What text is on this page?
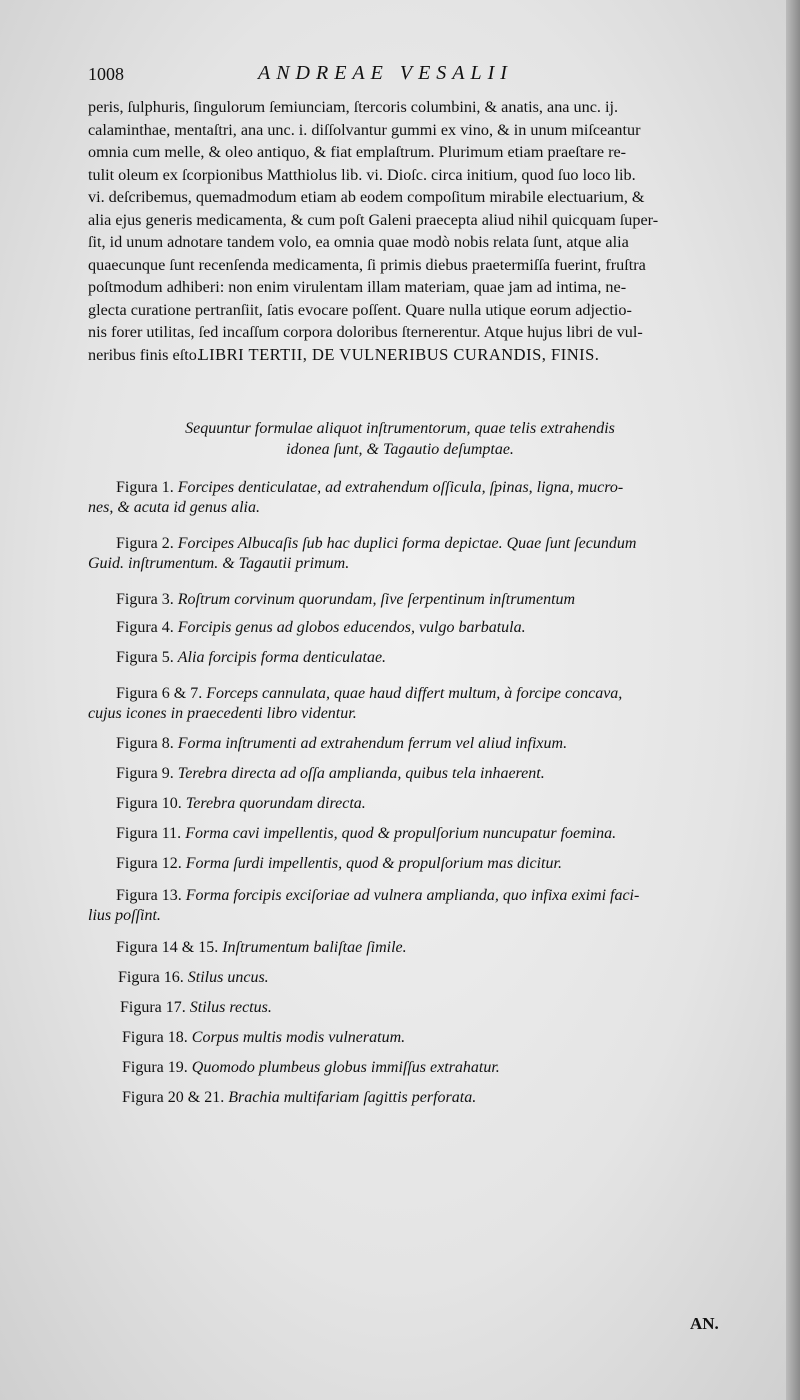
1008	ANDREAE VESALII

peris, ſulphuris, ſingulorum ſemiunciam, ſtercoris columbini, & anatis, ana unc. ij.

calaminthae, mentaſtri, ana unc. i. diſſolvantur gummi ex vino, & in unum miſceantur

omnia cum melle, & oleo antiquo, & fiat emplaſtrum. Plurimum etiam praeſtare re-

tulit oleum ex ſcorpionibus Matthiolus lib. vi. Dioſc. circa initium, quod ſuo loco lib.

vi. deſcribemus, quemadmodum etiam ab eodem compoſitum mirabile electuarium, &

alia ejus generis medicamenta, & cum poſt Galeni praecepta aliud nihil quicquam ſuper-

ſit, id unum adnotare tandem volo, ea omnia quae modò nobis relata ſunt, atque alia

quaecunque ſunt recenſenda medicamenta, ſi primis diebus praetermiſſa fuerint, fruſtra

poſtmodum adhiberi: non enim virulentam illam materiam, quae jam ad intima, ne-

glecta curatione pertranſiit, ſatis evocare poſſent. Quare nulla utique eorum adjectio-

nis forer utilitas, ſed incaſſum corpora doloribus ſternerentur. Atque hujus libri de vul-

neribus finis eſto.

LIBRI TERTII, DE VULNERIBUS CURANDIS, FINIS.
Sequuntur formulae aliquot inſtrumentorum, quae telis extrahendis
idonea ſunt, & Tagautio deſumptae.
Figura 1. Forcipes denticulatae, ad extrahendum oſſicula, ſpinas, ligna, mucro-
nes, & acuta id genus alia.
Figura 2. Forcipes Albucaſis ſub hac duplici forma depictae. Quae ſunt ſecundum
Guid. inſtrumentum. & Tagautii primum.
Figura 3. Roſtrum corvinum quorundam, ſive ſerpentinum inſtrumentum
Figura 4. Forcipis genus ad globos educendos, vulgo barbatula.
Figura 5. Alia forcipis forma denticulatae.
Figura 6 & 7. Forceps cannulata, quae haud differt multum, à forcipe concava,
cujus icones in praecedenti libro videntur.
Figura 8. Forma inſtrumenti ad extrahendum ferrum vel aliud infixum.
Figura 9. Terebra directa ad oſſa amplianda, quibus tela inhaerent.
Figura 10. Terebra quorundam directa.
Figura 11. Forma cavi impellentis, quod & propulſorium nuncupatur foemina.
Figura 12. Forma ſurdi impellentis, quod & propulſorium mas dicitur.
Figura 13. Forma forcipis exciſoriae ad vulnera amplianda, quo infixa eximi faci-
lius poſſint.
Figura 14 & 15. Inſtrumentum baliſtae ſimile.
Figura 16. Stilus uncus.
Figura 17. Stilus rectus.
Figura 18. Corpus multis modis vulneratum.
Figura 19. Quomodo plumbeus globus immiſſus extrahatur.
Figura 20 & 21. Brachia multifariam ſagittis perforata.
AN.
